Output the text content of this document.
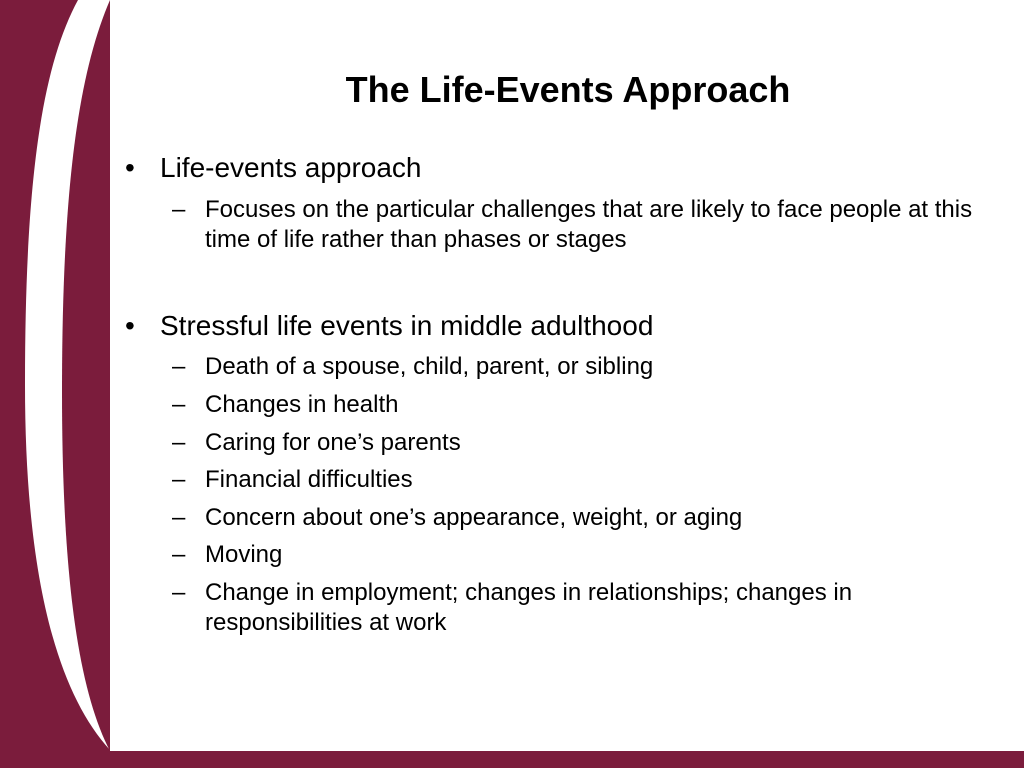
The Life-Events Approach
• Life-events approach
– Focuses on the particular challenges that are likely to face people at this time of life rather than phases or stages
• Stressful life events in middle adulthood
– Death of a spouse, child, parent, or sibling
– Changes in health
– Caring for one’s parents
– Financial difficulties
– Concern about one’s appearance, weight, or aging
– Moving
– Change in employment; changes in relationships; changes in responsibilities at work
